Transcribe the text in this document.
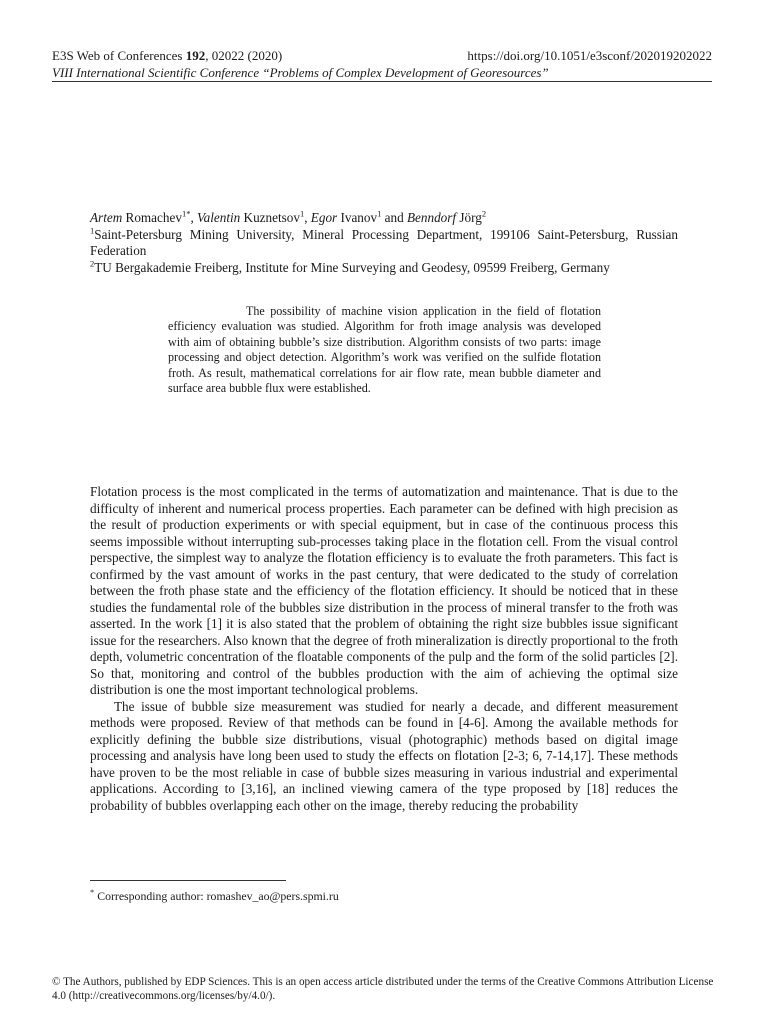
E3S Web of Conferences 192, 02022 (2020)	https://doi.org/10.1051/e3sconf/202019202022
VIII International Scientific Conference “Problems of Complex Development of Georesources”
Artem Romachev$^{1*}$, Valentin Kuznetsov$^1$, Egor Ivanov$^1$ and Benndorf Jörg$^2$
$^1$Saint-Petersburg Mining University, Mineral Processing Department, 199106 Saint-Petersburg, Russian Federation
$^2$TU Bergakademie Freiberg, Institute for Mine Surveying and Geodesy, 09599 Freiberg, Germany
The possibility of machine vision application in the field of flotation efficiency evaluation was studied. Algorithm for froth image analysis was developed with aim of obtaining bubble’s size distribution. Algorithm consists of two parts: image processing and object detection. Algorithm’s work was verified on the sulfide flotation froth. As result, mathematical correlations for air flow rate, mean bubble diameter and surface area bubble flux were established.

Flotation process is the most complicated in the terms of automatization and maintenance. That is due to the difficulty of inherent and numerical process properties. Each parameter can be defined with high precision as the result of production experiments or with special equipment, but in case of the continuous process this seems impossible without interrupting sub-processes taking place in the flotation cell. From the visual control perspective, the simplest way to analyze the flotation efficiency is to evaluate the froth parameters. This fact is confirmed by the vast amount of works in the past century, that were dedicated to the study of correlation between the froth phase state and the efficiency of the flotation efficiency. It should be noticed that in these studies the fundamental role of the bubbles size distribution in the process of mineral transfer to the froth was asserted. In the work [1] it is also stated that the problem of obtaining the right size bubbles issue significant issue for the researchers. Also known that the degree of froth mineralization is directly proportional to the froth depth, volumetric concentration of the floatable components of the pulp and the form of the solid particles [2]. So that, monitoring and control of the bubbles production with the aim of achieving the optimal size distribution is one the most important technological problems.

The issue of bubble size measurement was studied for nearly a decade, and different measurement methods were proposed. Review of that methods can be found in [4-6]. Among the available methods for explicitly defining the bubble size distributions, visual (photographic) methods based on digital image processing and analysis have long been used to study the effects on flotation [2-3; 6, 7-14,17]. These methods have proven to be the most reliable in case of bubble sizes measuring in various industrial and experimental applications. According to [3,16], an inclined viewing camera of the type proposed by [18] reduces the probability of bubbles overlapping each other on the image, thereby reducing the probability

* Corresponding author: romashev_ao@pers.spmi.ru
© The Authors, published by EDP Sciences. This is an open access article distributed under the terms of the Creative Commons Attribution License 4.0 (http://creativecommons.org/licenses/by/4.0/).
